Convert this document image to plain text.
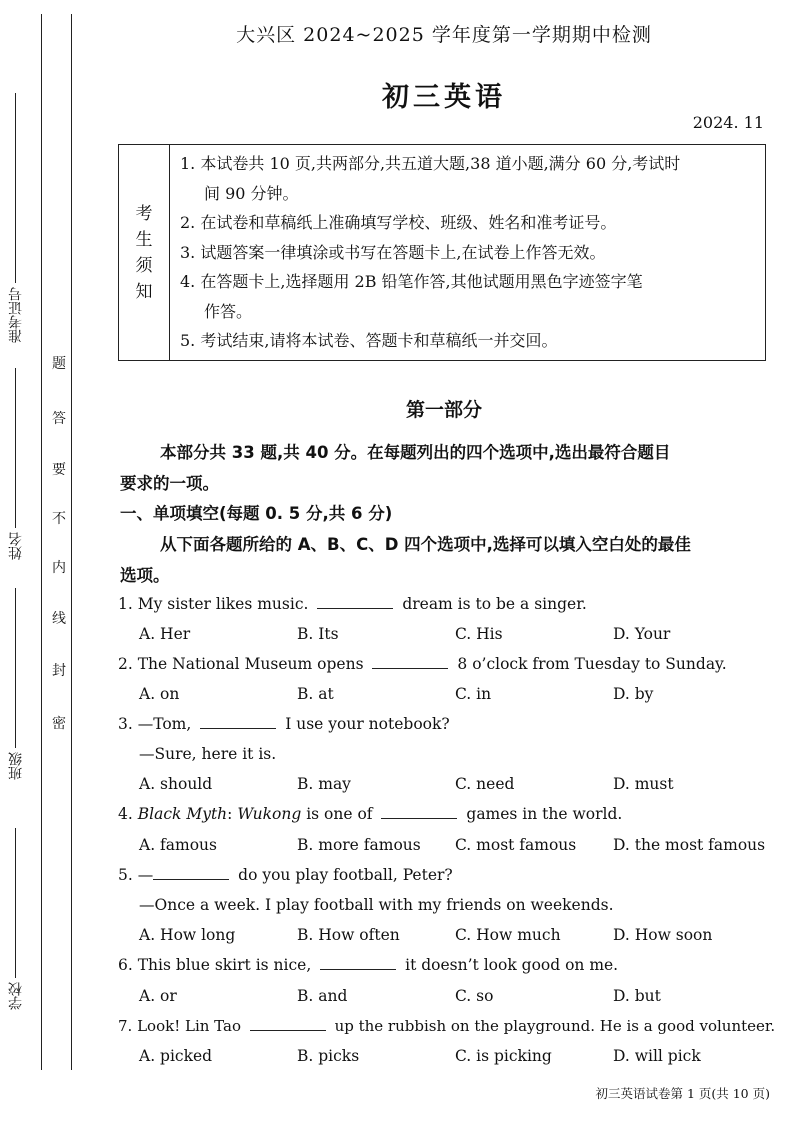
准考证号
姓名
班级
学校
密
封
线
内
不
要
答
题
大兴区 2024~2025 学年度第一学期期中检测
初三英语
2024. 11
考
生
须
知
1. 本试卷共 10 页,共两部分,共五道大题,38 道小题,满分 60 分,考试时
间 90 分钟。
2. 在试卷和草稿纸上准确填写学校、班级、姓名和准考证号。
3. 试题答案一律填涂或书写在答题卡上,在试卷上作答无效。
4. 在答题卡上,选择题用 2B 铅笔作答,其他试题用黑色字迹签字笔
作答。
5. 考试结束,请将本试卷、答题卡和草稿纸一并交回。
第一部分
本部分共 33 题,共 40 分。在每题列出的四个选项中,选出最符合题目
要求的一项。
一、单项填空(每题 0. 5 分,共 6 分)
从下面各题所给的 A、B、C、D 四个选项中,选择可以填入空白处的最佳
选项。
1. My sister likes music.	dream is to be a singer.
A. Her	B. Its	C. His	D. Your
2. The National Museum opens	8 o’clock from Tuesday to Sunday.
A. on	B. at	C. in	D. by
3. —Tom,	I use your notebook?
—Sure, here it is.
A. should	B. may	C. need	D. must
4. Black Myth: Wukong is one of	games in the world.
A. famous	B. more famous C. most famous D. the most famous
5. —	do you play football, Peter?
—Once a week. I play football with my friends on weekends.
A. How long	B. How often	C. How much	D. How soon
6. This blue skirt is nice,	it doesn’t look good on me.
A. or	B. and	C. so	D. but
7. Look! Lin Tao	up the rubbish on the playground. He is a good volunteer.
A. picked	B. picks	C. is picking	D. will pick
初三英语试卷第 1 页(共 10 页)
